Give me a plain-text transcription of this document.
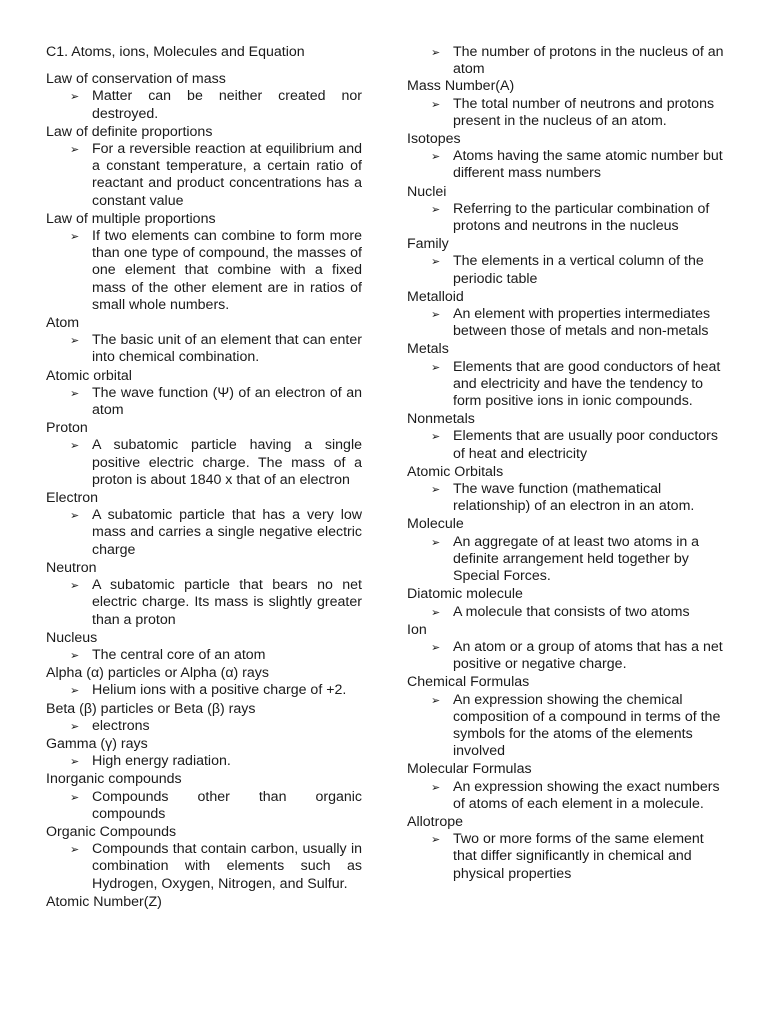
C1. Atoms, ions, Molecules and Equation
Law of conservation of mass
➢ Matter can be neither created nor destroyed.
Law of definite proportions
➢ For a reversible reaction at equilibrium and a constant temperature, a certain ratio of reactant and product concentrations has a constant value
Law of multiple proportions
➢ If two elements can combine to form more than one type of compound, the masses of one element that combine with a fixed mass of the other element are in ratios of small whole numbers.
Atom
➢ The basic unit of an element that can enter into chemical combination.
Atomic orbital
➢ The wave function (Ψ) of an electron of an atom
Proton
➢ A subatomic particle having a single positive electric charge. The mass of a proton is about 1840 x that of an electron
Electron
➢ A subatomic particle that has a very low mass and carries a single negative electric charge
Neutron
➢ A subatomic particle that bears no net electric charge. Its mass is slightly greater than a proton
Nucleus
➢ The central core of an atom
Alpha (α) particles or Alpha (α) rays
➢ Helium ions with a positive charge of +2.
Beta (β) particles or Beta (β) rays
➢ electrons
Gamma (γ) rays
➢ High energy radiation.
Inorganic compounds
➢ Compounds other than organic compounds
Organic Compounds
➢ Compounds that contain carbon, usually in combination with elements such as Hydrogen, Oxygen, Nitrogen, and Sulfur.
Atomic Number(Z)
➢ The number of protons in the nucleus of an atom
Mass Number(A)
➢ The total number of neutrons and protons present in the nucleus of an atom.
Isotopes
➢ Atoms having the same atomic number but different mass numbers
Nuclei
➢ Referring to the particular combination of protons and neutrons in the nucleus
Family
➢ The elements in a vertical column of the periodic table
Metalloid
➢ An element with properties intermediates between those of metals and non-metals
Metals
➢ Elements that are good conductors of heat and electricity and have the tendency to form positive ions in ionic compounds.
Nonmetals
➢ Elements that are usually poor conductors of heat and electricity
Atomic Orbitals
➢ The wave function (mathematical relationship) of an electron in an atom.
Molecule
➢ An aggregate of at least two atoms in a definite arrangement held together by Special Forces.
Diatomic molecule
➢ A molecule that consists of two atoms
Ion
➢ An atom or a group of atoms that has a net positive or negative charge.
Chemical Formulas
➢ An expression showing the chemical composition of a compound in terms of the symbols for the atoms of the elements involved
Molecular Formulas
➢ An expression showing the exact numbers of atoms of each element in a molecule.
Allotrope
➢ Two or more forms of the same element that differ significantly in chemical and physical properties
